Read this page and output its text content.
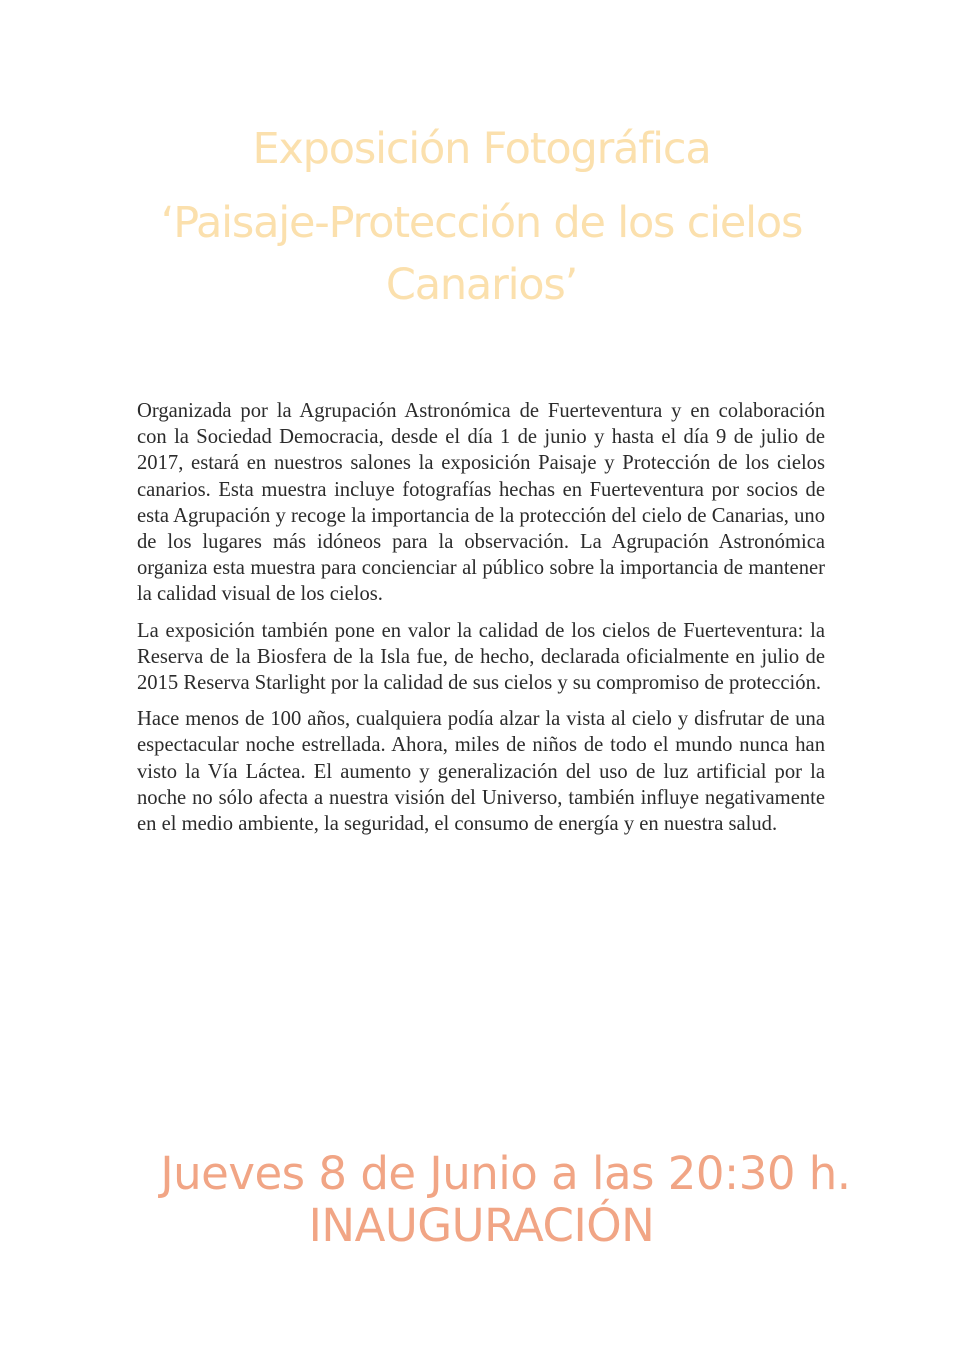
Exposición Fotográfica
‘Paisaje-Protección de los cielos
Canarios’

Organizada por la Agrupación Astronómica de Fuerteventura y en colaboración con la Sociedad Democracia, desde el día 1 de junio y hasta el día 9 de julio de 2017, estará en nuestros salones la exposición Paisaje y Protección de los cielos canarios. Esta muestra incluye fotografías hechas en Fuerteventura por socios de esta Agrupación y recoge la importancia de la protección del cielo de Canarias, uno de los lugares más idóneos para la observación. La Agrupación Astronómica organiza esta muestra para concienciar al público sobre la importancia de mantener la calidad visual de los cielos.

La exposición también pone en valor la calidad de los cielos de Fuerteventura: la Reserva de la Biosfera de la Isla fue, de hecho, declarada oficialmente en julio de 2015 Reserva Starlight por la calidad de sus cielos y su compromiso de protección.

Hace menos de 100 años, cualquiera podía alzar la vista al cielo y disfrutar de una espectacular noche estrellada. Ahora, miles de niños de todo el mundo nunca han visto la Vía Láctea. El aumento y generalización del uso de luz artificial por la noche no sólo afecta a nuestra visión del Universo, también influye negativamente en el medio ambiente, la seguridad, el consumo de energía y en nuestra salud.

Jueves 8 de Junio a las 20:30 h.
INAUGURACIÓN
